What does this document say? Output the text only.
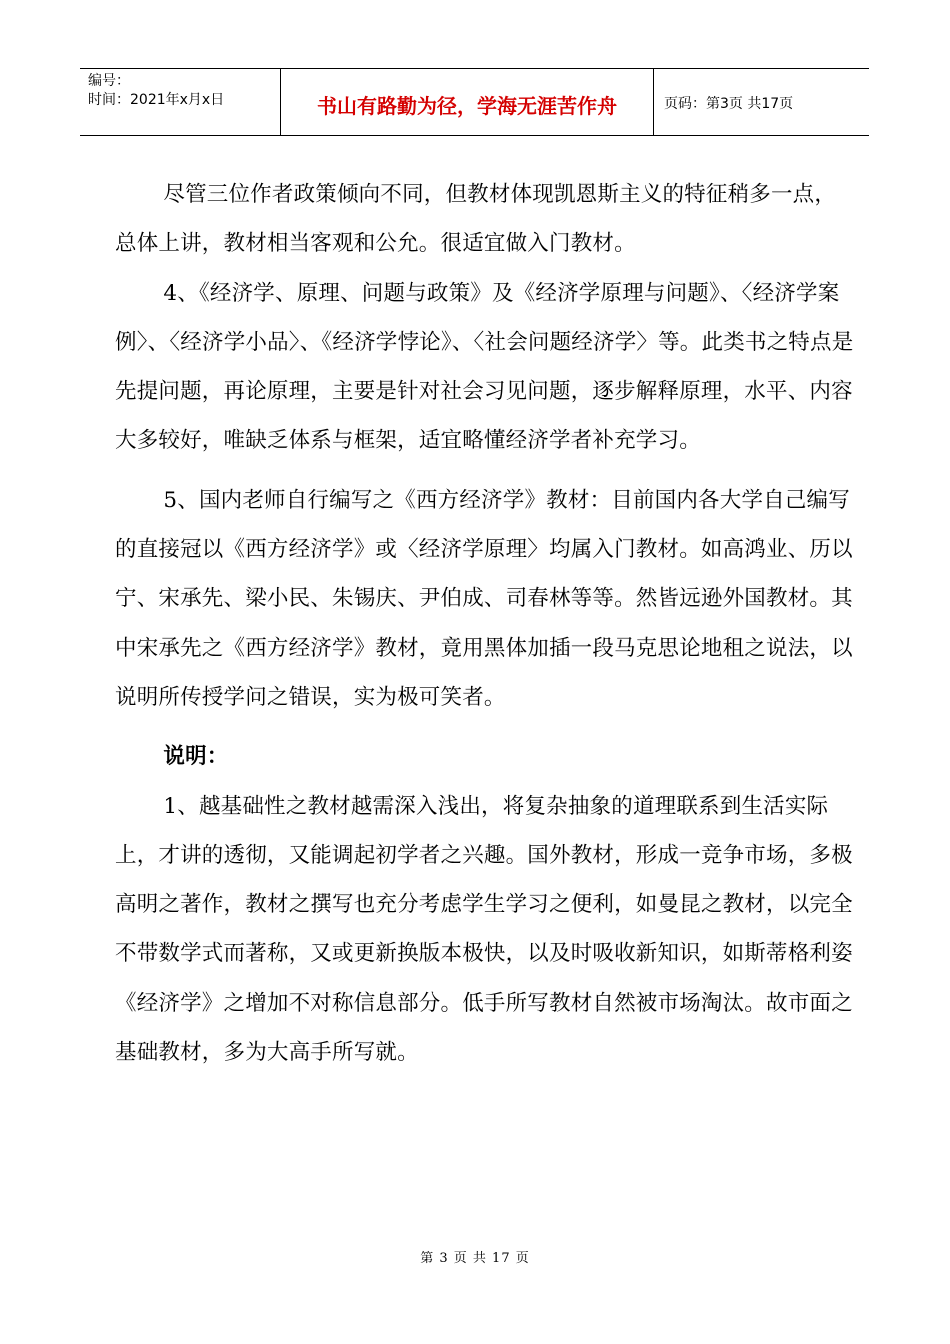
编号：
时间：2021年x月x日	书山有路勤为径，学海无涯苦作舟	页码：第3页 共17页

尽管三位作者政策倾向不同，但教材体现凯恩斯主义的特征稍多一点，总体上讲，教材相当客观和公允。很适宜做入门教材。

4、《经济学、原理、问题与政策》及《经济学原理与问题》、〈经济学案例〉、〈经济学小品〉、《经济学悖论》、〈社会问题经济学〉等。此类书之特点是先提问题，再论原理，主要是针对社会习见问题，逐步解释原理，水平、内容大多较好，唯缺乏体系与框架，适宜略懂经济学者补充学习。

5、国内老师自行编写之《西方经济学》教材：目前国内各大学自己编写的直接冠以《西方经济学》或〈经济学原理〉均属入门教材。如高鸿业、历以宁、宋承先、梁小民、朱锡庆、尹伯成、司春林等等。然皆远逊外国教材。其中宋承先之《西方经济学》教材，竟用黑体加插一段马克思论地租之说法，以说明所传授学问之错误，实为极可笑者。

说明：

1、越基础性之教材越需深入浅出，将复杂抽象的道理联系到生活实际上，才讲的透彻，又能调起初学者之兴趣。国外教材，形成一竞争市场，多极高明之著作，教材之撰写也充分考虑学生学习之便利，如曼昆之教材，以完全不带数学式而著称，又或更新换版本极快，以及时吸收新知识，如斯蒂格利姿《经济学》之增加不对称信息部分。低手所写教材自然被市场淘汰。故市面之基础教材，多为大高手所写就。

第 3 页 共 17 页
